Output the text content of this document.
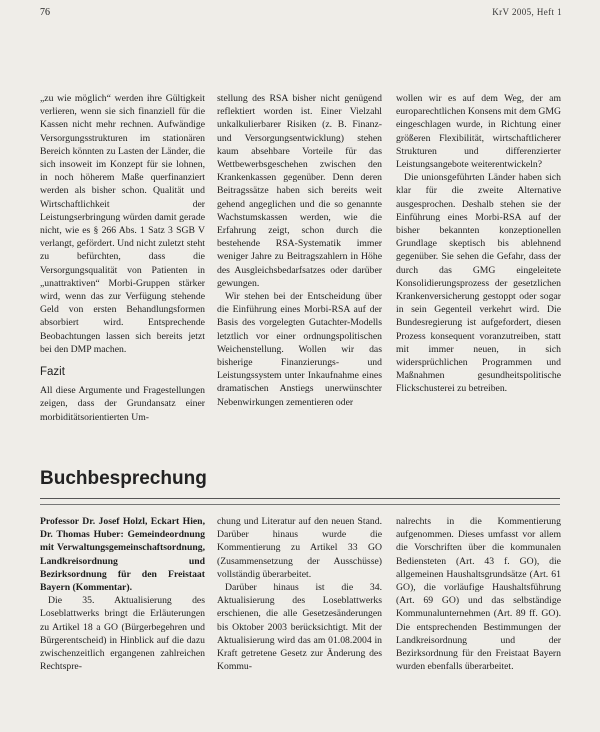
76	KrV 2005, Heft 1

„zu wie möglich“ werden ihre Gültigkeit verlieren, wenn sie sich finanziell für die Kassen nicht mehr rechnen. Aufwändige Versorgungsstrukturen im stationären Bereich könnten zu Lasten der Länder, die sich insoweit im Konzept für sie lohnen, in noch höherem Maße querfinanziert werden als bisher schon. Qualität und Wirtschaftlichkeit der Leistungserbringung würden damit gerade nicht, wie es § 266 Abs. 1 Satz 3 SGB V verlangt, gefördert. Und nicht zuletzt steht zu befürchten, dass die Versorgungsqualität von Patienten in „unattraktiven“ Morbi-Gruppen stärker wird, wenn das zur Verfügung stehende Geld von ersten Behandlungsformen absorbiert wird. Entsprechende Beobachtungen lassen sich bereits jetzt bei den DMP machen.

Fazit

All diese Argumente und Fragestellungen zeigen, dass der Grundansatz einer morbiditätsorientierten Um-

stellung des RSA bisher nicht genügend reflektiert worden ist. Einer Vielzahl unkalkulierbarer Risiken (z. B. Finanz- und Versorgungsentwicklung) stehen kaum absehbare Vorteile für das Wettbewerbsgeschehen zwischen den Krankenkassen gegenüber. Denn deren Beitragssätze haben sich bereits weit gehend angeglichen und die so genannte Wachstumskassen werden, wie die Erfahrung zeigt, schon durch die bestehende RSA-Systematik immer weniger Jahre zu Beitragszahlern in Höhe des Ausgleichsbedarfsatzes oder darüber gewungen.

Wir stehen bei der Entscheidung über die Einführung eines Morbi-RSA auf der Basis des vorgelegten Gutachter-Modells letztlich vor einer ordnungspolitischen Weichenstellung. Wollen wir das bisherige Finanzierungs- und Leistungssystem unter Inkaufnahme eines dramatischen Anstiegs unerwünschter Nebenwirkungen zementieren oder

wollen wir es auf dem Weg, der am europarechtlichen Konsens mit dem GMG eingeschlagen wurde, in Richtung einer größeren Flexibilität, wirtschaftlicherer Strukturen und differenzierter Leistungsangebote weiterentwickeln?

Die unionsgeführten Länder haben sich klar für die zweite Alternative ausgesprochen. Deshalb stehen sie der Einführung eines Morbi-RSA auf der bisher bekannten konzeptionellen Grundlage skeptisch bis ablehnend gegenüber. Sie sehen die Gefahr, dass der durch das GMG eingeleitete Konsolidierungsprozess der gesetzlichen Krankenversicherung gestoppt oder sogar in sein Gegenteil verkehrt wird. Die Bundesregierung ist aufgefordert, diesen Prozess konsequent voranzutreiben, statt mit immer neuen, in sich widersprüchlichen Programmen und Maßnahmen gesundheitspolitische Flickschusterei zu betreiben.

Buchbesprechung

Professor Dr. Josef Holzl, Eckart Hien, Dr. Thomas Huber: Gemeindeordnung mit Verwaltungsgemeinschaftsordnung, Landkreisordnung und Bezirksordnung für den Freistaat Bayern (Kommentar).

Die 35. Aktualisierung des Loseblattwerks bringt die Erläuterungen zu Artikel 18 a GO (Bürgerbegehren und Bürgerentscheid) in Hinblick auf die dazu zwischenzeitlich ergangenen zahlreichen Rechtspre-

chung und Literatur auf den neuen Stand. Darüber hinaus wurde die Kommentierung zu Artikel 33 GO (Zusammensetzung der Ausschüsse) vollständig überarbeitet.

Darüber hinaus ist die 34. Aktualisierung des Loseblattwerks erschienen, die alle Gesetzesänderungen bis Oktober 2003 berücksichtigt. Mit der Aktualisierung wird das am 01.08.2004 in Kraft getretene Gesetz zur Änderung des Kommu-

nalrechts in die Kommentierung aufgenommen. Dieses umfasst vor allem die Vorschriften über die kommunalen Bediensteten (Art. 43 f. GO), die allgemeinen Haushaltsgrundsätze (Art. 61 GO), die vorläufige Haushaltsführung (Art. 69 GO) und das selbständige Kommunalunternehmen (Art. 89 ff. GO). Die entsprechenden Bestimmungen der Landkreisordnung und der Bezirksordnung für den Freistaat Bayern wurden ebenfalls überarbeitet.
